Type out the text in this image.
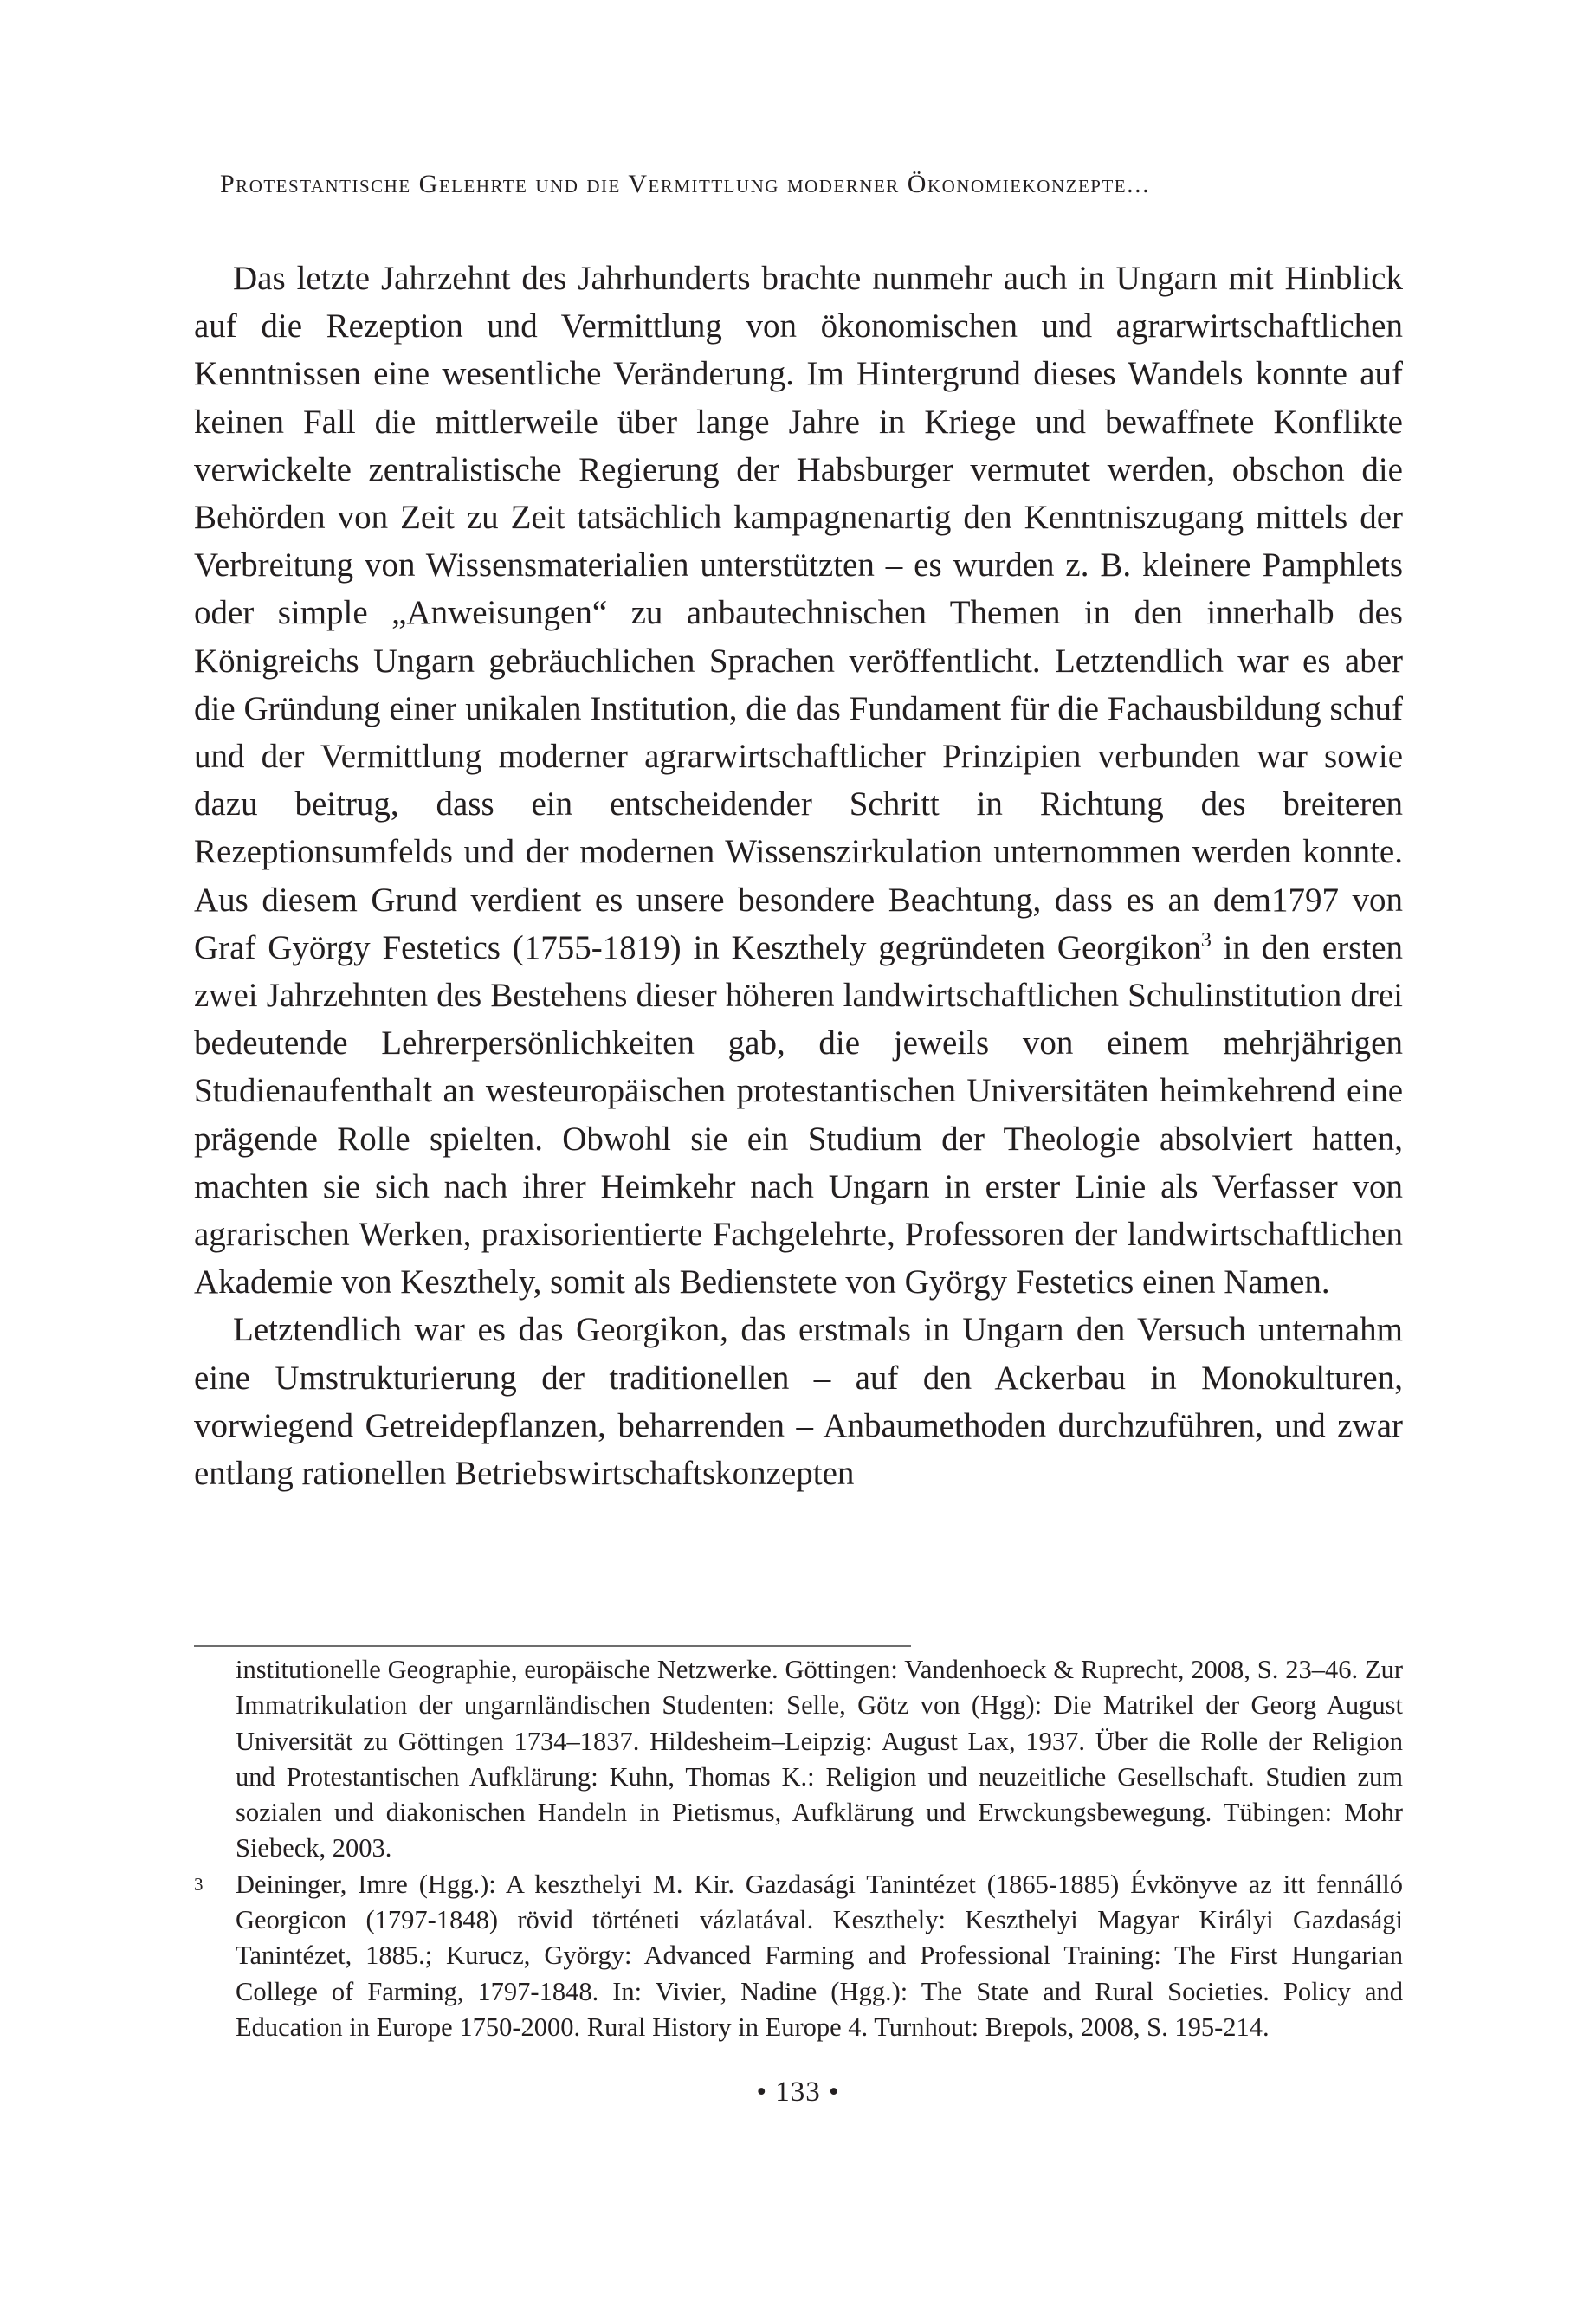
Protestantische Gelehrte und die Vermittlung moderner Ökonomiekonzepte...

Das letzte Jahrzehnt des Jahrhunderts brachte nunmehr auch in Ungarn mit Hinblick auf die Rezeption und Vermittlung von ökonomischen und agrarwirtschaftlichen Kenntnissen eine wesentliche Veränderung. Im Hintergrund dieses Wandels konnte auf keinen Fall die mittlerweile über lange Jahre in Kriege und bewaffnete Konflikte verwickelte zentralistische Regierung der Habsburger vermutet werden, obschon die Behörden von Zeit zu Zeit tatsächlich kampagnenartig den Kenntniszugang mittels der Verbreitung von Wissensmaterialien unterstützten – es wurden z. B. kleinere Pamphlets oder simple „Anweisungen“ zu anbautechnischen Themen in den innerhalb des Königreichs Ungarn gebräuchlichen Sprachen veröffentlicht. Letztendlich war es aber die Gründung einer unikalen Institution, die das Fundament für die Fachausbildung schuf und der Vermittlung moderner agrarwirtschaftlicher Prinzipien verbunden war sowie dazu beitrug, dass ein entscheidender Schritt in Richtung des breiteren Rezeptionsumfelds und der modernen Wissenszirkulation unternommen werden konnte. Aus diesem Grund verdient es unsere besondere Beachtung, dass es an dem1797 von Graf György Festetics (1755-1819) in Keszthely gegründeten Georgikon$^3$ in den ersten zwei Jahrzehnten des Bestehens dieser höheren landwirtschaftlichen Schulinstitution drei bedeutende Lehrerpersönlichkeiten gab, die jeweils von einem mehrjährigen Studienaufenthalt an westeuropäischen protestantischen Universitäten heimkehrend eine prägende Rolle spielten. Obwohl sie ein Studium der Theologie absolviert hatten, machten sie sich nach ihrer Heimkehr nach Ungarn in erster Linie als Verfasser von agrarischen Werken, praxisorientierte Fachgelehrte, Professoren der landwirtschaftlichen Akademie von Keszthely, somit als Bedienstete von György Festetics einen Namen.

Letztendlich war es das Georgikon, das erstmals in Ungarn den Versuch unternahm eine Umstrukturierung der traditionellen – auf den Ackerbau in Monokulturen, vorwiegend Getreidepflanzen, beharrenden – Anbaumethoden durchzuführen, und zwar entlang rationellen Betriebswirtschaftskonzepten

institutionelle Geographie, europäische Netzwerke. Göttingen: Vandenhoeck & Ruprecht, 2008, S. 23–46. Zur Immatrikulation der ungarnländischen Studenten: Selle, Götz von (Hgg): Die Matrikel der Georg August Universität zu Göttingen 1734–1837. Hildesheim–Leipzig: August Lax, 1937. Über die Rolle der Religion und Protestantischen Aufklärung: Kuhn, Thomas K.: Religion und neuzeitliche Gesellschaft. Studien zum sozialen und diakonischen Handeln in Pietismus, Aufklärung und Erwckungsbewegung. Tübingen: Mohr Siebeck, 2003.

3 Deininger, Imre (Hgg.): A keszthelyi M. Kir. Gazdasági Tanintézet (1865-1885) Évkönyve az itt fennálló Georgicon (1797-1848) rövid történeti vázlatával. Keszthely: Keszthelyi Magyar Királyi Gazdasági Tanintézet, 1885.; Kurucz, György: Advanced Farming and Professional Training: The First Hungarian College of Farming, 1797-1848. In: Vivier, Nadine (Hgg.): The State and Rural Societies. Policy and Education in Europe 1750-2000. Rural History in Europe 4. Turnhout: Brepols, 2008, S. 195-214.

• 133 •
